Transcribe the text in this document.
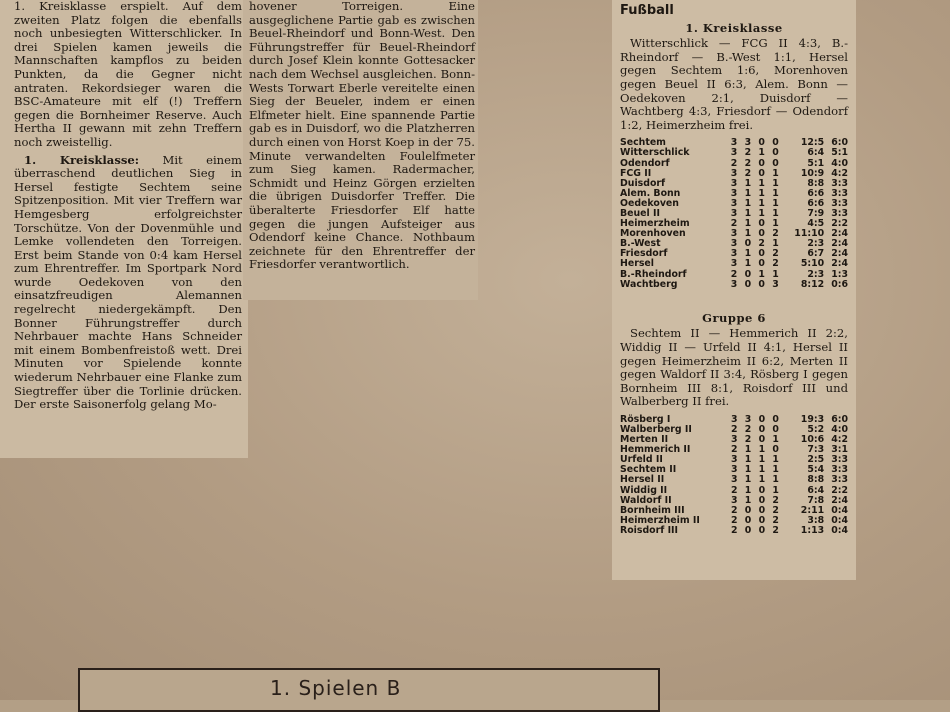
1. Kreisklasse erspielt. Auf dem zweiten Platz folgen die ebenfalls noch unbesiegten Witterschlicker. In drei Spielen kamen jeweils die Mannschaften kampflos zu beiden Punkten, da die Gegner nicht antraten. Rekordsieger waren die BSC-Amateure mit elf (!) Treffern gegen die Bornheimer Reserve. Auch Hertha II gewann mit zehn Treffern noch zweistellig.

1. Kreisklasse: Mit einem überraschend deutlichen Sieg in Hersel festigte Sechtem seine Spitzenposition. Mit vier Treffern war Hemgesberg erfolgreichster Torschütze. Von der Dovenmühle und Lemke vollendeten den Torreigen. Erst beim Stande von 0:4 kam Hersel zum Ehrentreffer. Im Sportpark Nord wurde Oedekoven von den einsatzfreudigen Alemannen regelrecht niedergekämpft. Den Bonner Führungstreffer durch Nehrbauer machte Hans Schneider mit einem Bombenfreistoß wett. Drei Minuten vor Spielende konnte wiederum Nehrbauer eine Flanke zum Siegtreffer über die Torlinie drücken. Der erste Saisonerfolg gelang Mo-

hovener Torreigen. Eine ausgeglichene Partie gab es zwischen Beuel-Rheindorf und Bonn-West. Den Führungstreffer für Beuel-Rheindorf durch Josef Klein konnte Gottesacker nach dem Wechsel ausgleichen. Bonn-Wests Torwart Eberle vereitelte einen Sieg der Beueler, indem er einen Elfmeter hielt. Eine spannende Partie gab es in Duisdorf, wo die Platzherren durch einen von Horst Koep in der 75. Minute verwandelten Foulelfmeter zum Sieg kamen. Radermacher, Schmidt und Heinz Görgen erzielten die übrigen Duisdorfer Treffer. Die überalterte Friesdorfer Elf hatte gegen die jungen Aufsteiger aus Odendorf keine Chance. Nothbaum zeichnete für den Ehrentreffer der Friesdorfer verantwortlich.

Fußball
1. Kreisklasse

Witterschlick — FCG II 4:3, B.-Rheindorf — B.-West 1:1, Hersel gegen Sechtem 1:6, Morenhoven gegen Beuel II 6:3, Alem. Bonn — Oedekoven 2:1, Duisdorf — Wachtberg 4:3, Friesdorf — Odendorf 1:2, Heimerzheim frei.

Sechtem	3	3	0	0	12:5	6:0
Witterschlick	3	2	1	0	6:4	5:1
Odendorf	2	2	0	0	5:1	4:0
FCG II	3	2	0	1	10:9	4:2
Duisdorf	3	1	1	1	8:8	3:3
Alem. Bonn	3	1	1	1	6:6	3:3
Oedekoven	3	1	1	1	6:6	3:3
Beuel II	3	1	1	1	7:9	3:3
Heimerzheim	2	1	0	1	4:5	2:2
Morenhoven	3	1	0	2	11:10	2:4
B.-West	3	0	2	1	2:3	2:4
Friesdorf	3	1	0	2	6:7	2:4
Hersel	3	1	0	2	5:10	2:4
B.-Rheindorf	2	0	1	1	2:3	1:3
Wachtberg	3	0	0	3	8:12	0:6
Gruppe 6

Sechtem II — Hemmerich II 2:2, Widdig II — Urfeld II 4:1, Hersel II gegen Heimerzheim II 6:2, Merten II gegen Waldorf II 3:4, Rösberg I gegen Bornheim III 8:1, Roisdorf III und Walberberg II frei.

Rösberg I	3	3	0	0	19:3	6:0
Walberberg II	2	2	0	0	5:2	4:0
Merten II	3	2	0	1	10:6	4:2
Hemmerich II	2	1	1	0	7:3	3:1
Urfeld II	3	1	1	1	2:5	3:3
Sechtem II	3	1	1	1	5:4	3:3
Hersel II	3	1	1	1	8:8	3:3
Widdig II	2	1	0	1	6:4	2:2
Waldorf II	3	1	0	2	7:8	2:4
Bornheim III	2	0	0	2	2:11	0:4
Heimerzheim II	2	0	0	2	3:8	0:4
Roisdorf III	2	0	0	2	1:13	0:4
1. Spielen B
